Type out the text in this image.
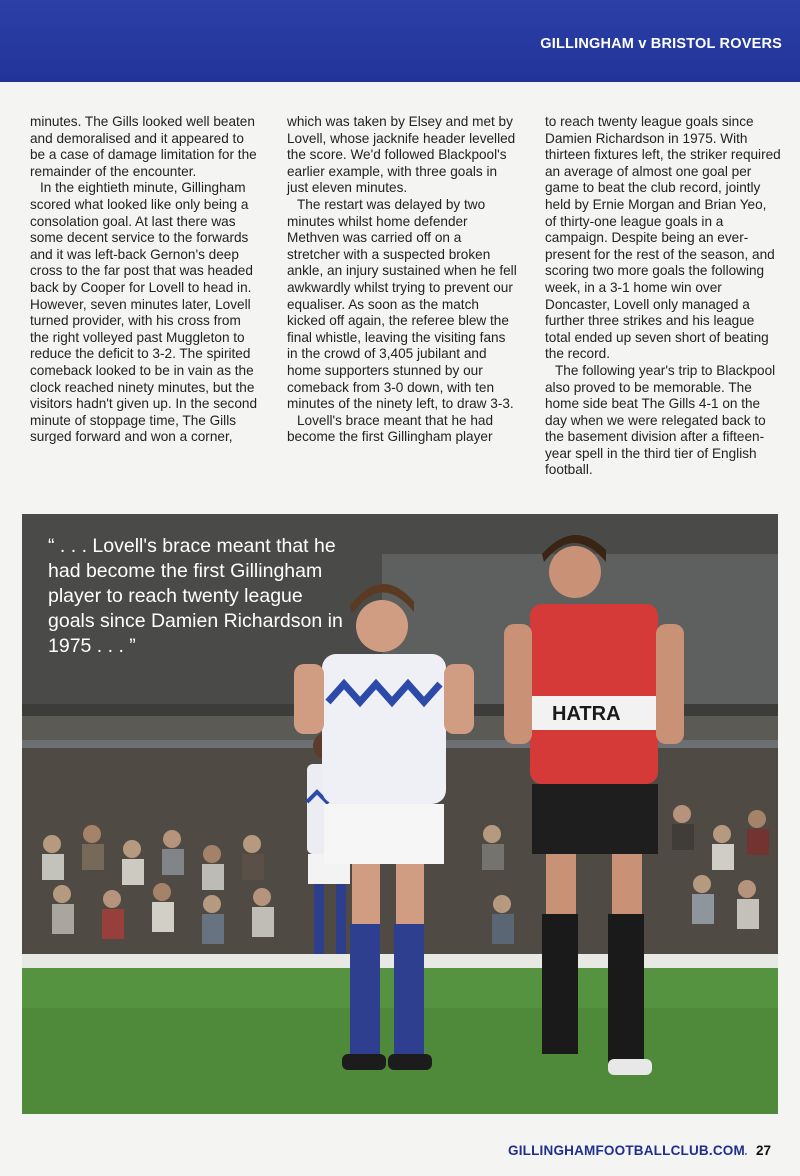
GILLINGHAM v BRISTOL ROVERS

minutes. The Gills looked well beaten and demoralised and it appeared to be a case of damage limitation for the remainder of the encounter.

In the eightieth minute, Gillingham scored what looked like only being a consolation goal. At last there was some decent service to the forwards and it was left-back Gernon's deep cross to the far post that was headed back by Cooper for Lovell to head in. However, seven minutes later, Lovell turned provider, with his cross from the right volleyed past Muggleton to reduce the deficit to 3-2. The spirited comeback looked to be in vain as the clock reached ninety minutes, but the visitors hadn't given up. In the second minute of stoppage time, The Gills surged forward and won a corner,

which was taken by Elsey and met by Lovell, whose jacknife header levelled the score. We'd followed Blackpool's earlier example, with three goals in just eleven minutes.

The restart was delayed by two minutes whilst home defender Methven was carried off on a stretcher with a suspected broken ankle, an injury sustained when he fell awkwardly whilst trying to prevent our equaliser. As soon as the match kicked off again, the referee blew the final whistle, leaving the visiting fans in the crowd of 3,405 jubilant and home supporters stunned by our comeback from 3-0 down, with ten minutes of the ninety left, to draw 3-3.

Lovell's brace meant that he had become the first Gillingham player

to reach twenty league goals since Damien Richardson in 1975. With thirteen fixtures left, the striker required an average of almost one goal per game to beat the club record, jointly held by Ernie Morgan and Brian Yeo, of thirty-one league goals in a campaign. Despite being an ever-present for the rest of the season, and scoring two more goals the following week, in a 3-1 home win over Doncaster, Lovell only managed a further three strikes and his league total ended up seven short of beating the record.

The following year's trip to Blackpool also proved to be memorable. The home side beat The Gills 4-1 on the day when we were relegated back to the basement division after a fifteen-year spell in the third tier of English football.

HATRA
“ . . . Lovell's brace meant that he had become the first Gillingham player to reach twenty league goals since Damien Richardson in 1975 . . . ”
GILLINGHAMFOOTBALLCLUB.COM . 27
